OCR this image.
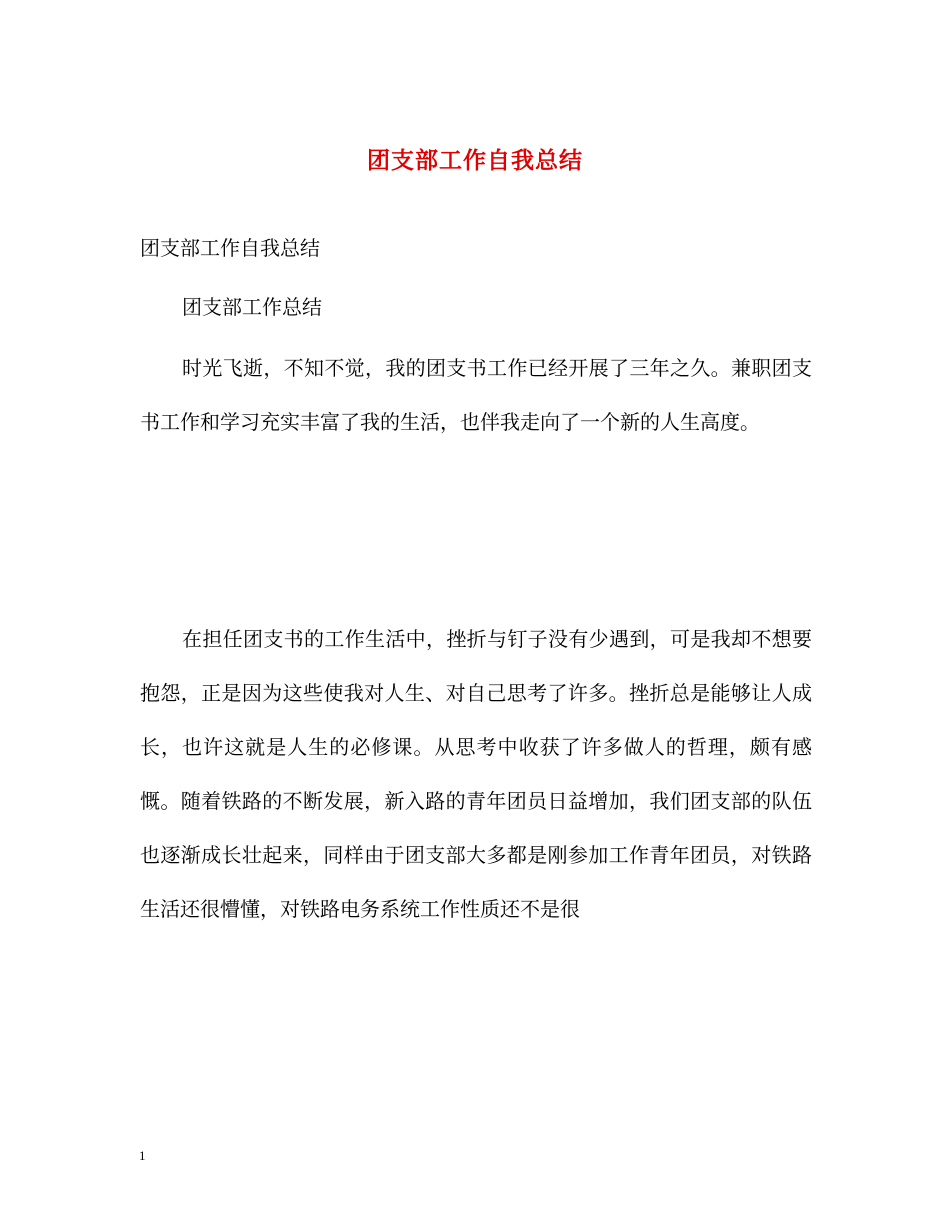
团支部工作自我总结
团支部工作自我总结
团支部工作总结

时光飞逝，不知不觉，我的团支书工作已经开展了三年之久。兼职团支书工作和学习充实丰富了我的生活，也伴我走向了一个新的人生高度。

在担任团支书的工作生活中，挫折与钉子没有少遇到，可是我却不想要抱怨，正是因为这些使我对人生、对自己思考了许多。挫折总是能够让人成长，也许这就是人生的必修课。从思考中收获了许多做人的哲理，颇有感慨。随着铁路的不断发展，新入路的青年团员日益增加，我们团支部的队伍也逐渐成长壮起来，同样由于团支部大多都是刚参加工作青年团员，对铁路生活还很懵懂，对铁路电务系统工作性质还不是很

1
